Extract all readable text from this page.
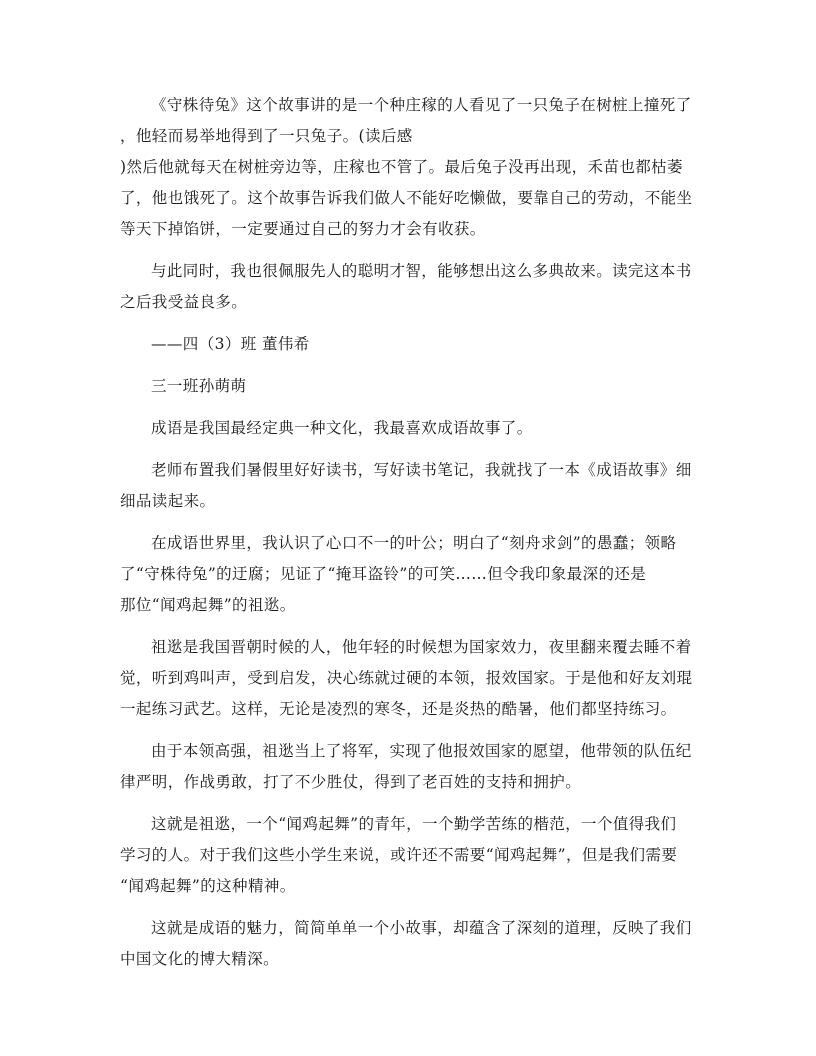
《守株待兔》这个故事讲的是一个种庄稼的人看见了一只兔子在树桩上撞死了
，他轻而易举地得到了一只兔子。(读后感
)然后他就每天在树桩旁边等，庄稼也不管了。最后兔子没再出现，禾苗也都枯萎
了，他也饿死了。这个故事告诉我们做人不能好吃懒做，要靠自己的劳动，不能坐
等天下掉馅饼，一定要通过自己的努力才会有收获。
与此同时，我也很佩服先人的聪明才智，能够想出这么多典故来。读完这本书
之后我受益良多。
——四（3）班 董伟希
三一班孙萌萌
成语是我国最经定典一种文化，我最喜欢成语故事了。
老师布置我们暑假里好好读书，写好读书笔记，我就找了一本《成语故事》细
细品读起来。
在成语世界里，我认识了心口不一的叶公；明白了“刻舟求剑”的愚蠢；领略
了“守株待兔”的迂腐；见证了“掩耳盗铃”的可笑……但令我印象最深的还是
那位“闻鸡起舞”的祖逖。
祖逖是我国晋朝时候的人，他年轻的时候想为国家效力，夜里翻来覆去睡不着
觉，听到鸡叫声，受到启发，决心练就过硬的本领，报效国家。于是他和好友刘琨
一起练习武艺。这样，无论是凌烈的寒冬，还是炎热的酷暑，他们都坚持练习。
由于本领高强，祖逖当上了将军，实现了他报效国家的愿望，他带领的队伍纪
律严明，作战勇敢，打了不少胜仗，得到了老百姓的支持和拥护。
这就是祖逖，一个“闻鸡起舞”的青年，一个勤学苦练的楷范，一个值得我们
学习的人。对于我们这些小学生来说，或许还不需要“闻鸡起舞”，但是我们需要
“闻鸡起舞”的这种精神。
这就是成语的魅力，简简单单一个小故事，却蕴含了深刻的道理，反映了我们
中国文化的博大精深。
